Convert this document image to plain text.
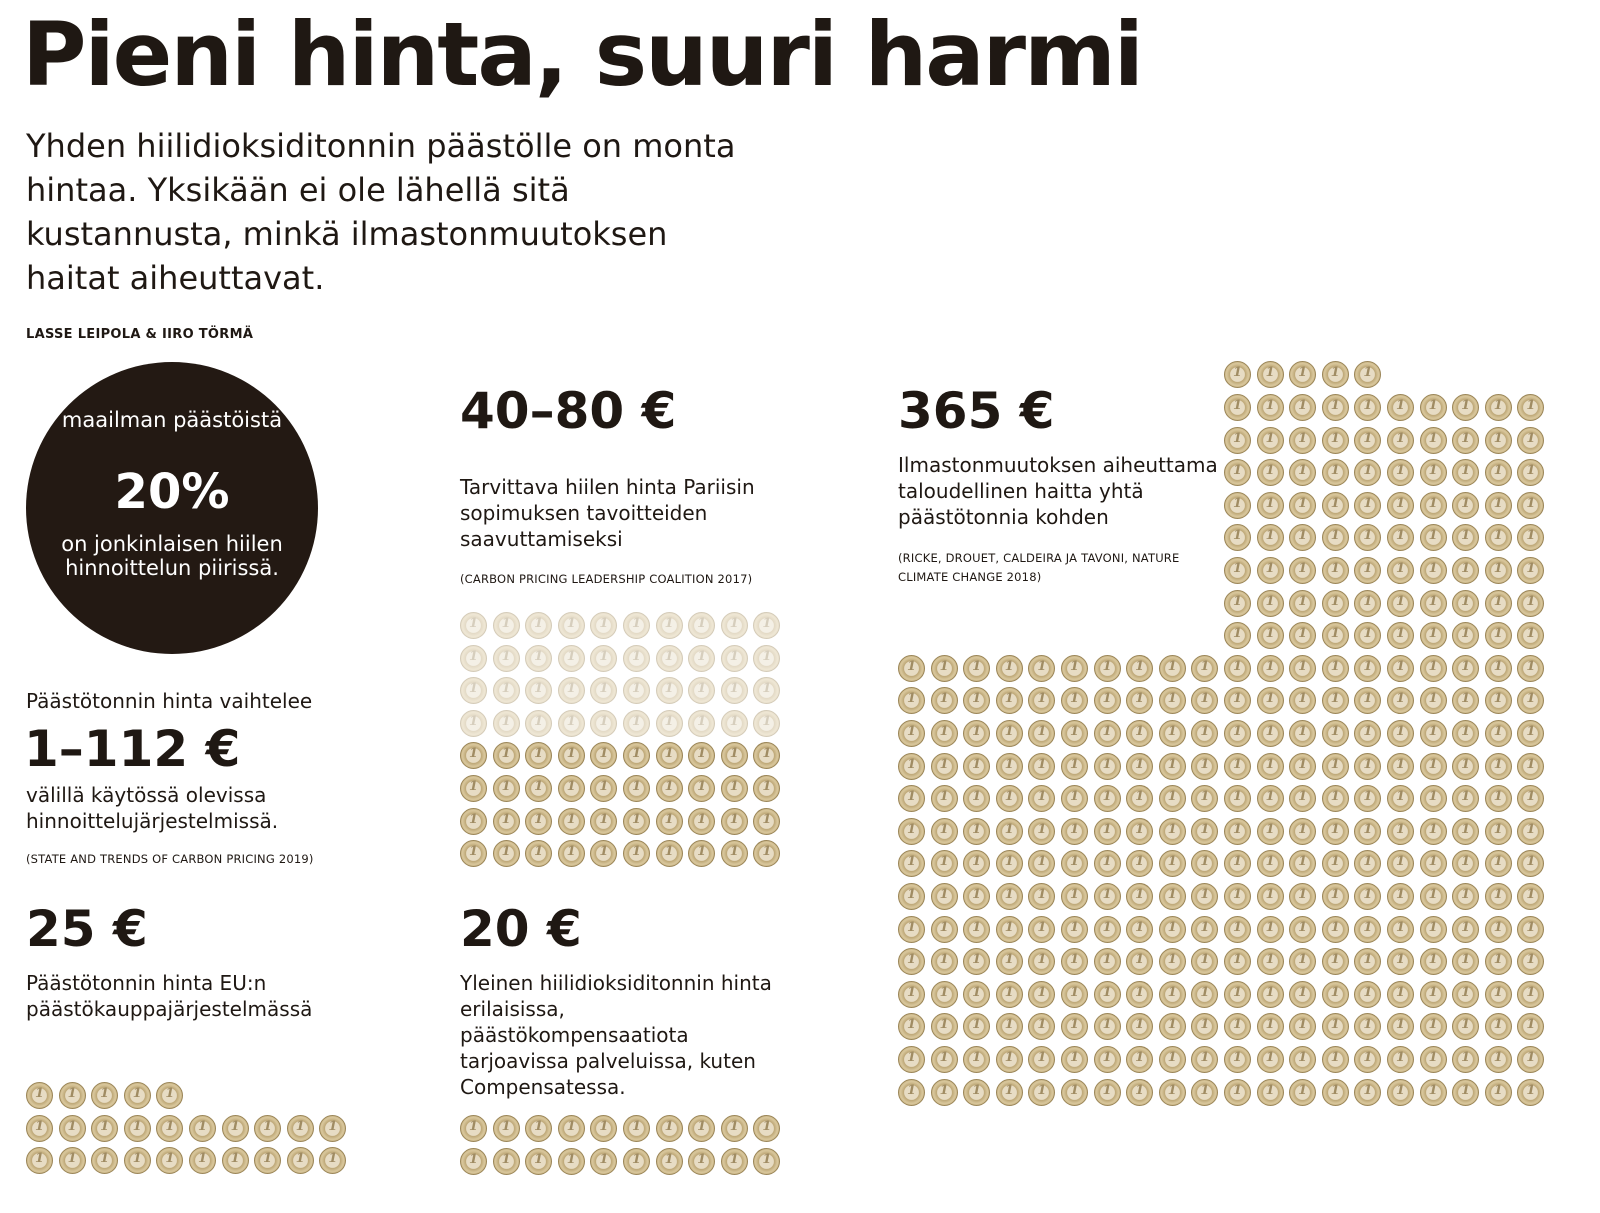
Pieni hinta, suuri harmi
Yhden hiilidioksiditonnin päästölle on monta hintaa. Yksikään ei ole lähellä sitä kustannusta, minkä ilmastonmuutoksen haitat aiheuttavat.
LASSE LEIPOLA & IIRO TÖRMÄ
maailman päästöistä
20%
on jonkinlaisen hiilen hinnoittelun piirissä.
Päästötonnin hinta vaihtelee
1–112 €
välillä käytössä olevissa hinnoittelujärjestelmissä.
(STATE AND TRENDS OF CARBON PRICING 2019)
40–80 €
Tarvittava hiilen hinta Pariisin sopimuksen tavoitteiden saavuttamiseksi
(CARBON PRICING LEADERSHIP COALITION 2017)
1
1
1
1
1
1
1
1
1
1
1
1
1
1
1
1
1
1
1
1
1
1
1
1
1
1
1
1
1
1
1
1
1
1
1
1
1
1
1
1
1
1
1
1
1
1
1
1
1
1
1
1
1
1
1
1
1
1
1
1
1
1
1
1
1
1
1
1
1
1
1
1
1
1
1
1
1
1
1
1
365 €
Ilmastonmuutoksen aiheuttama taloudellinen haitta yhtä päästötonnia kohden
(RICKE, DROUET, CALDEIRA JA TAVONI, NATURE CLIMATE CHANGE 2018)
1
1
1
1
1
1
1
1
1
1
1
1
1
1
1
1
1
1
1
1
1
1
1
1
1
1
1
1
1
1
1
1
1
1
1
1
1
1
1
1
1
1
1
1
1
1
1
1
1
1
1
1
1
1
1
1
1
1
1
1
1
1
1
1
1
1
1
1
1
1
1
1
1
1
1
1
1
1
1
1
1
1
1
1
1
1
1
1
1
1
1
1
1
1
1
1
1
1
1
1
1
1
1
1
1
1
1
1
1
1
1
1
1
1
1
1
1
1
1
1
1
1
1
1
1
1
1
1
1
1
1
1
1
1
1
1
1
1
1
1
1
1
1
1
1
1
1
1
1
1
1
1
1
1
1
1
1
1
1
1
1
1
1
1
1
1
1
1
1
1
1
1
1
1
1
1
1
1
1
1
1
1
1
1
1
1
1
1
1
1
1
1
1
1
1
1
1
1
1
1
1
1
1
1
1
1
1
1
1
1
1
1
1
1
1
1
1
1
1
1
1
1
1
1
1
1
1
1
1
1
1
1
1
1
1
1
1
1
1
1
1
1
1
1
1
1
1
1
1
1
1
1
1
1
1
1
1
1
1
1
1
1
1
1
1
1
1
1
1
1
1
1
1
1
1
1
1
1
1
1
1
1
1
1
1
1
1
1
1
1
1
1
1
1
1
1
1
1
1
1
1
1
1
1
1
1
1
1
1
1
1
1
1
1
1
1
1
1
1
1
1
1
1
1
1
1
1
1
1
1
1
1
1
1
1
1
1
1
1
1
1
1
1
1
1
1
1
1
1
1
1
1
1
1
1
1
1
1
1
1
1
1
1
1
1
25 €
Päästötonnin hinta EU:n päästökauppajärjestelmässä
1
1
1
1
1
1
1
1
1
1
1
1
1
1
1
1
1
1
1
1
1
1
1
1
1
20 €
Yleinen hiilidioksiditonnin hinta erilaisissa, päästökompensaatiota tarjoavissa palveluissa, kuten Compensatessa.
1
1
1
1
1
1
1
1
1
1
1
1
1
1
1
1
1
1
1
1
